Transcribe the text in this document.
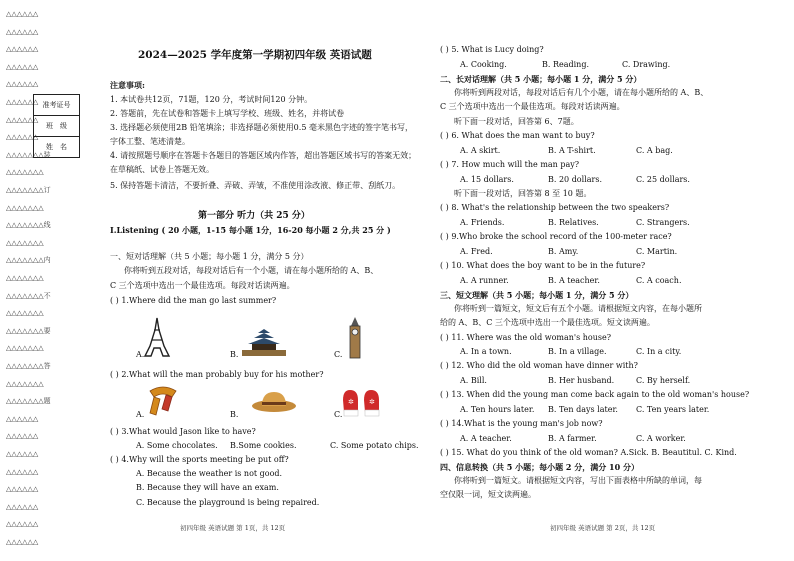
△△△△△△
△△△△△△
△△△△△△
△△△△△△
△△△△△△
△△△△△△
△△△△△△
△△△△△△
△△△△△△△装
△△△△△△△
△△△△△△△订
△△△△△△△
△△△△△△△线
△△△△△△△
△△△△△△△内
△△△△△△△
△△△△△△△不
△△△△△△△
△△△△△△△要
△△△△△△△
△△△△△△△答
△△△△△△△
△△△△△△△题
△△△△△△
△△△△△△
△△△△△△
△△△△△△
△△△△△△
△△△△△△
△△△△△△
△△△△△△
准考证号
班　级
姓　名
2024—2025 学年度第一学期初四年级 英语试题
注意事项:
1. 本试卷共12页，71题，120 分，考试时间120 分钟。
2. 答题前，先在试卷和答题卡上填写学校、班级、姓名，并将试卷
3. 选择题必须使用2B 铅笔填涂；非选择题必须使用0.5 毫米黑色字迹的签字笔书写，
字体工整、笔迹清楚。
4. 请按照题号顺序在答题卡各题目的答题区域内作答，超出答题区域书写的答案无效；
在草稿纸、试卷上答题无效。
5. 保持答题卡清洁，不要折叠、弄破、弄皱，不准使用涂改液、修正带、刮纸刀。
第一部分 听力（共 25 分）
I.Listening ( 20 小题，1-15 每小题 1分，16-20 每小题 2 分,共 25 分 )
一、短对话理解（共 5 小题；每小题 1 分，满分 5 分）
你将听到五段对话，每段对话后有一个小题，请在每小题所给的 A、B、
C 三个选项中选出一个最佳选项。每段对话读两遍。
( ) 1.Where did the man go last summer?
A.	B.	C.
( ) 2.What will the man probably buy for his mother?
A.	B.	C.
✲ ✲
( ) 3.What would Jason like to have?
A. Some chocolates. B.Some cookies.	C. Some potato chips.
( ) 4.Why will the sports meeting be put off?
A. Because the weather is not good.
B. Because they will have an exam.
C. Because the playground is being repaired.
初四年级 英语试题 第 1页，共 12页
( ) 5. What is Lucy doing?
A. Cooking.	B. Reading.	C. Drawing.
二、长对话理解（共 5 小题；每小题 1 分，满分 5 分）
你将听到两段对话，每段对话后有几个小题，请在每小题所给的 A、B、
C 三个选项中选出一个最佳选项。每段对话读两遍。
听下面一段对话，回答第 6、7题。
( ) 6. What does the man want to buy?
A. A skirt.	B. A T-shirt.	C. A bag.
( ) 7. How much will the man pay?
A. 15 dollars.	B. 20 dollars.	C. 25 dollars.
听下面一段对话，回答第 8 至 10 题。
( ) 8. What's the relationship between the two speakers?
A. Friends.	B. Relatives.	C. Strangers.
( ) 9.Who broke the school record of the 100-meter race?
A. Fred.	B. Amy.	C. Martin.
( ) 10. What does the boy want to be in the future?
A. A runner.	B. A teacher.	C. A coach.
三、短文理解（共 5 小题；每小题 1 分，满分 5 分）
你将听到一篇短文，短文后有五个小题。请根据短文内容，在每小题所
给的 A、B、C 三个选项中选出一个最佳选项。短文读两遍。
( ) 11. Where was the old woman's house?
A. In a town.	B. In a village.	C. In a city.
( ) 12. Who did the old woman have dinner with?
A. Bill.	B. Her husband.	C. By herself.
( ) 13. When did the young man come back again to the old woman's house?
A. Ten hours later. B. Ten days later. C. Ten years later.
( ) 14.What is the young man's job now?
A. A teacher.	B. A farmer.	C. A worker.
( ) 15. What do you think of the old woman? A.Sick. B. Beautitul. C. Kind.
四、信息转换（共 5 小题；每小题 2 分，满分 10 分）
你将听到一篇短文。请根据短文内容，写出下面表格中所缺的单词，每
空仅限一词，短文读两遍。
初四年级 英语试题 第 2页，共 12页
